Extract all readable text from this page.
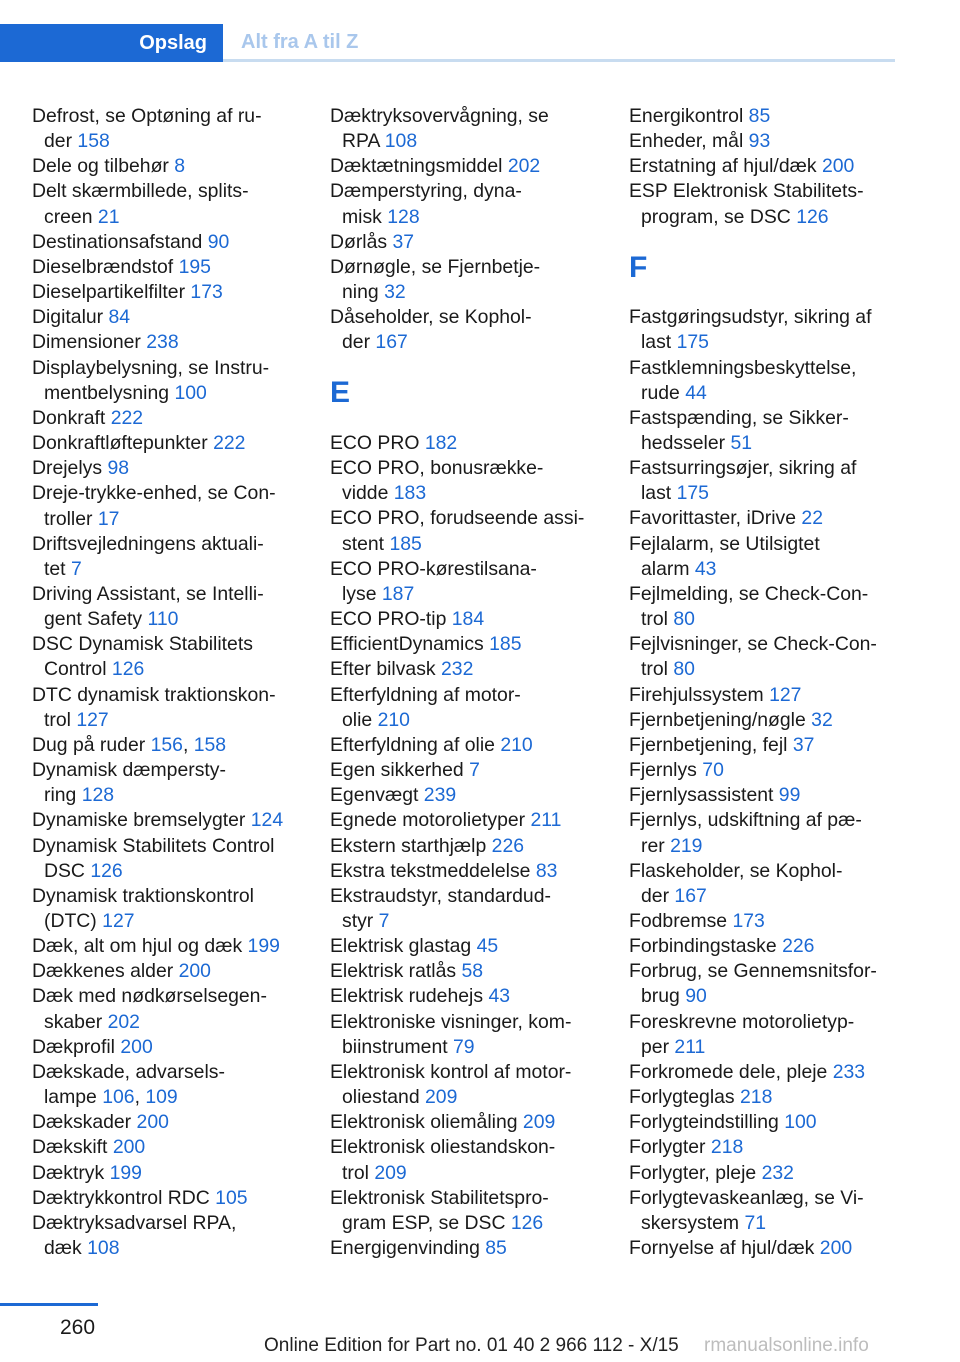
Opslag	Alt fra A til Z
Defrost, se Optøning af ru‐
der 158
Dele og tilbehør 8
Delt skærmbillede, splits‐
creen 21
Destinationsafstand 90
Dieselbrændstof 195
Dieselpartikelfilter 173
Digitalur 84
Dimensioner 238
Displaybelysning, se Instru‐
mentbelysning 100
Donkraft 222
Donkraftløftepunkter 222
Drejelys 98
Dreje-trykke-enhed, se Con‐
troller 17
Driftsvejledningens aktuali‐
tet 7
Driving Assistant, se Intelli‐
gent Safety 110
DSC Dynamisk Stabilitets
Control 126
DTC dynamisk traktionskon‐
trol 127
Dug på ruder 156, 158
Dynamisk dæmpersty‐
ring 128
Dynamiske bremselygter 124
Dynamisk Stabilitets Control
DSC 126
Dynamisk traktionskontrol
(DTC) 127
Dæk, alt om hjul og dæk 199
Dækkenes alder 200
Dæk med nødkørselsegen‐
skaber 202
Dækprofil 200
Dækskade, advarsels‐
lampe 106, 109
Dækskader 200
Dækskift 200
Dæktryk 199
Dæktrykkontrol RDC 105
Dæktryksadvarsel RPA,
dæk 108
Dæktryksovervågning, se
RPA 108
Dæktætningsmiddel 202
Dæmperstyring, dyna‐
misk 128
Dørlås 37
Dørnøgle, se Fjernbetje‐
ning 32
Dåseholder, se Kophol‐
der 167
E
ECO PRO 182
ECO PRO, bonusrække‐
vidde 183
ECO PRO, forudseende assi‐
stent 185
ECO PRO-kørestilsana‐
lyse 187
ECO PRO-tip 184
EfficientDynamics 185
Efter bilvask 232
Efterfyldning af motor‐
olie 210
Efterfyldning af olie 210
Egen sikkerhed 7
Egenvægt 239
Egnede motorolietyper 211
Ekstern starthjælp 226
Ekstra tekstmeddelelse 83
Ekstraudstyr, standardud‐
styr 7
Elektrisk glastag 45
Elektrisk ratlås 58
Elektrisk rudehejs 43
Elektroniske visninger, kom‐
biinstrument 79
Elektronisk kontrol af motor‐
oliestand 209
Elektronisk oliemåling 209
Elektronisk oliestandskon‐
trol 209
Elektronisk Stabilitetspro‐
gram ESP, se DSC 126
Energigenvinding 85
Energikontrol 85
Enheder, mål 93
Erstatning af hjul/dæk 200
ESP Elektronisk Stabilitets‐
program, se DSC 126
F
Fastgøringsudstyr, sikring af
last 175
Fastklemningsbeskyttelse,
rude 44
Fastspænding, se Sikker‐
hedsseler 51
Fastsurringsøjer, sikring af
last 175
Favorittaster, iDrive 22
Fejlalarm, se Utilsigtet
alarm 43
Fejlmelding, se Check-Con‐
trol 80
Fejlvisninger, se Check-Con‐
trol 80
Firehjulssystem 127
Fjernbetjening/nøgle 32
Fjernbetjening, fejl 37
Fjernlys 70
Fjernlysassistent 99
Fjernlys, udskiftning af pæ‐
rer 219
Flaskeholder, se Kophol‐
der 167
Fodbremse 173
Forbindingstaske 226
Forbrug, se Gennemsnitsfor‐
brug 90
Foreskrevne motorolietyp‐
per 211
Forkromede dele, pleje 233
Forlygteglas 218
Forlygteindstilling 100
Forlygter 218
Forlygter, pleje 232
Forlygtevaskeanlæg, se Vi‐
skersystem 71
Fornyelse af hjul/dæk 200
260
Online Edition for Part no. 01 40 2 966 112 - X/15 rmanualsonline.info
